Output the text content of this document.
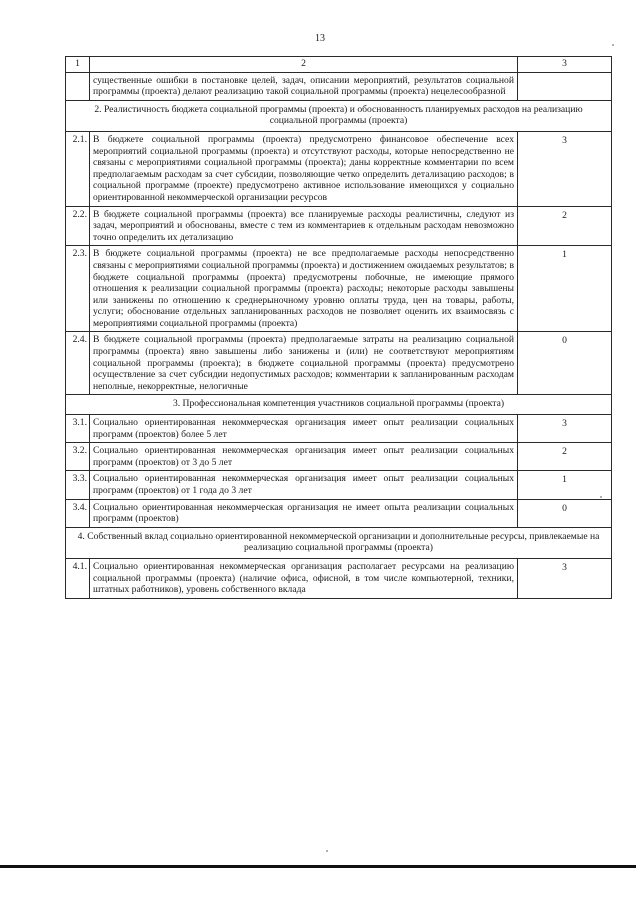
13
1	2	3
	существенные ошибки в постановке целей, задач, описании мероприятий, результатов социальной программы (проекта) делают реализацию такой социальной программы (проекта) нецелесообразной	
2. Реалистичность бюджета социальной программы (проекта) и обоснованность планируемых расходов на реализацию социальной программы (проекта)		
2.1.	В бюджете социальной программы (проекта) предусмотрено финансовое обеспечение всех мероприятий социальной программы (проекта) и отсутствуют расходы, которые непосредственно не связаны с мероприятиями социальной программы (проекта); даны корректные комментарии по всем предполагаемым расходам за счет субсидии, позволяющие четко определить детализацию расходов; в социальной программе (проекте) предусмотрено активное использование имеющихся у социально ориентированной некоммерческой организации ресурсов	3
2.2.	В бюджете социальной программы (проекта) все планируемые расходы реалистичны, следуют из задач, мероприятий и обоснованы, вместе с тем из комментариев к отдельным расходам невозможно точно определить их детализацию	2
2.3.	В бюджете социальной программы (проекта) не все предполагаемые расходы непосредственно связаны с мероприятиями социальной программы (проекта) и достижением ожидаемых результатов; в бюджете социальной программы (проекта) предусмотрены побочные, не имеющие прямого отношения к реализации социальной программы (проекта) расходы; некоторые расходы завышены или занижены по отношению к среднерыночному уровню оплаты труда, цен на товары, работы, услуги; обоснование отдельных запланированных расходов не позволяет оценить их взаимосвязь с мероприятиями социальной программы (проекта)	1
2.4.	В бюджете социальной программы (проекта) предполагаемые затраты на реализацию социальной программы (проекта) явно завышены либо занижены и (или) не соответствуют мероприятиям социальной программы (проекта); в бюджете социальной программы (проекта) предусмотрено осуществление за счет субсидии недопустимых расходов; комментарии к запланированным расходам неполные, некорректные, нелогичные	0
3. Профессиональная компетенция участников социальной программы (проекта)		
3.1.	Социально ориентированная некоммерческая организация имеет опыт реализации социальных программ (проектов) более 5 лет	3
3.2.	Социально ориентированная некоммерческая организация имеет опыт реализации социальных программ (проектов) от 3 до 5 лет	2
3.3.	Социально ориентированная некоммерческая организация имеет опыт реализации социальных программ (проектов) от 1 года до 3 лет	1
3.4.	Социально ориентированная некоммерческая организация не имеет опыта реализации социальных программ (проектов)	0
4. Собственный вклад социально ориентированной некоммерческой организации и дополнительные ресурсы, привлекаемые на реализацию социальной программы (проекта)		
4.1.	Социально ориентированная некоммерческая организация располагает ресурсами на реализацию социальной программы (проекта) (наличие офиса, офисной, в том числе компьютерной, техники, штатных работников), уровень собственного вклада	3
